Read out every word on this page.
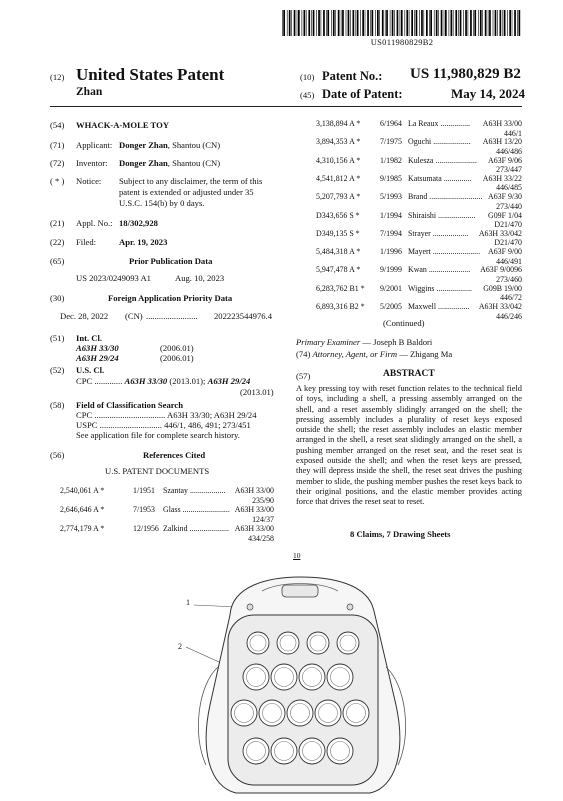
US011980829B2
(12) United States Patent
Zhan
(10) Patent No.: US 11,980,829 B2
(45) Date of Patent:	May 14, 2024
(54) WHACK-A-MOLE TOY
(71) Applicant: Donger Zhan, Shantou (CN)
(72) Inventor: Donger Zhan, Shantou (CN)
( * ) Notice: Subject to any disclaimer, the term of this
patent is extended or adjusted under 35
U.S.C. 154(b) by 0 days.
(21) Appl. No.: 18/302,928
(22) Filed:	Apr. 19, 2023
(65)	Prior Publication Data
US 2023/0249093 A1	Aug. 10, 2023
(30)	Foreign Application Priority Data
Dec. 28, 2022 (CN) ........................ 202223544976.4
(51) Int. Cl.
A63H 33/30	(2006.01)
A63H 29/24	(2006.01)
(52) U.S. Cl.
CPC ............. A63H 33/30 (2013.01); A63H 29/24
(2013.01)
(58) Field of Classification Search
CPC ................................. A63H 33/30; A63H 29/24
USPC ............................. 446/1, 486, 491; 273/451
See application file for complete search history.
(56)	References Cited
U.S. PATENT DOCUMENTS
2,540,061 A *	1/1951 Szantay .................. A63H 33/00
235/90
2,646,646 A *	7/1953 Glass ........................ A63H 33/00
124/37
2,774,179 A *	12/1956 Zalkind .................... A63H 33/00
434/258
3,138,894 A * 6/1964 La Reaux ............... A63H 33/00
446/1
3,894,353 A * 7/1975 Oguchi ................... A63H 13/20
446/486
4,310,156 A * 1/1982 Kulesza ..................... A63F 9/06
273/447
4,541,812 A * 9/1985 Katsumata .............. A63H 33/22
446/485
5,207,793 A * 5/1993 Brand ........................... A63F 9/30
273/440
D343,656 S *	1/1994 Shiraishi ................... G09F 1/04
D21/470
D349,135 S *	7/1994 Strayer .................. A63H 33/042
D21/470
5,484,318 A * 1/1996 Mayert ........................ A63F 9/00
446/491
5,947,478 A * 9/1999 Kwan ..................... A63F 9/0096
273/460
6,283,762 B1 * 9/2001 Wiggins .................. G09B 19/00
446/72
6,893,316 B2 * 5/2005 Maxwell ................ A63H 33/042
446/246
(Continued)
Primary Examiner — Joseph B Baldori
(74) Attorney, Agent, or Firm — Zhigang Ma
(57)	ABSTRACT
A key pressing toy with reset function relates to the technical field of toys, including a shell, a pressing assembly arranged on the shell, and a reset assembly slidingly arranged on the shell; the pressing assembly includes a plurality of reset keys exposed outside the shell; the reset assembly includes an elastic member arranged in the shell, a reset seat slidingly arranged on the shell, a pushing member arranged on the reset seat, and the reset seat is exposed outside the shell; and when the reset keys are pressed, they will depress inside the shell, the reset seat drives the pushing member to slide, the pushing member pushes the reset keys back to their original positions, and the elastic member provides acting force that drives the reset seat to reset.
8 Claims, 7 Drawing Sheets
10
1
2
